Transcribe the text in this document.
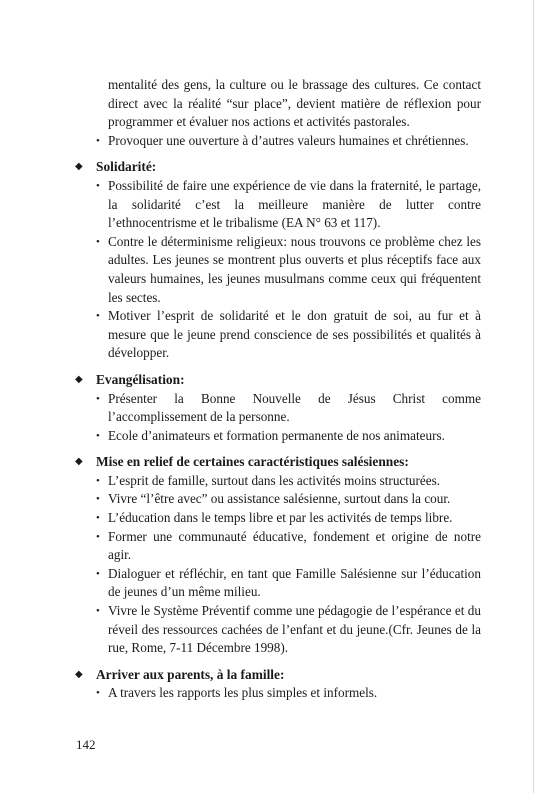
mentalité des gens, la culture ou le brassage des cultures. Ce contact direct avec la réalité “sur place”, devient matière de réflexion pour programmer et évaluer nos actions et activités pastorales.
• Provoquer une ouverture à d’autres valeurs humaines et chrétiennes.
◆ Solidarité:
• Possibilité de faire une expérience de vie dans la fraternité, le partage, la solidarité c’est la meilleure manière de lutter contre l’ethnocentrisme et le tribalisme (EA N° 63 et 117).
• Contre le déterminisme religieux: nous trouvons ce problème chez les adultes. Les jeunes se montrent plus ouverts et plus réceptifs face aux valeurs humaines, les jeunes musulmans comme ceux qui fréquentent les sectes.
• Motiver l’esprit de solidarité et le don gratuit de soi, au fur et à mesure que le jeune prend conscience de ses possibilités et qualités à développer.
◆ Evangélisation:
• Présenter la Bonne Nouvelle de Jésus Christ comme l’accomplissement de la personne.
• Ecole d’animateurs et formation permanente de nos animateurs.
◆ Mise en relief de certaines caractéristiques salésiennes:
• L’esprit de famille, surtout dans les activités moins structurées.
• Vivre “l’être avec” ou assistance salésienne, surtout dans la cour.
• L’éducation dans le temps libre et par les activités de temps libre.
• Former une communauté éducative, fondement et origine de notre agir.
• Dialoguer et réfléchir, en tant que Famille Salésienne sur l’éducation de jeunes d’un même milieu.
• Vivre le Système Préventif comme une pédagogie de l’espérance et du réveil des ressources cachées de l’enfant et du jeune.(Cfr. Jeunes de la rue, Rome, 7-11 Décembre 1998).
◆ Arriver aux parents, à la famille:
• A travers les rapports les plus simples et informels.
142
